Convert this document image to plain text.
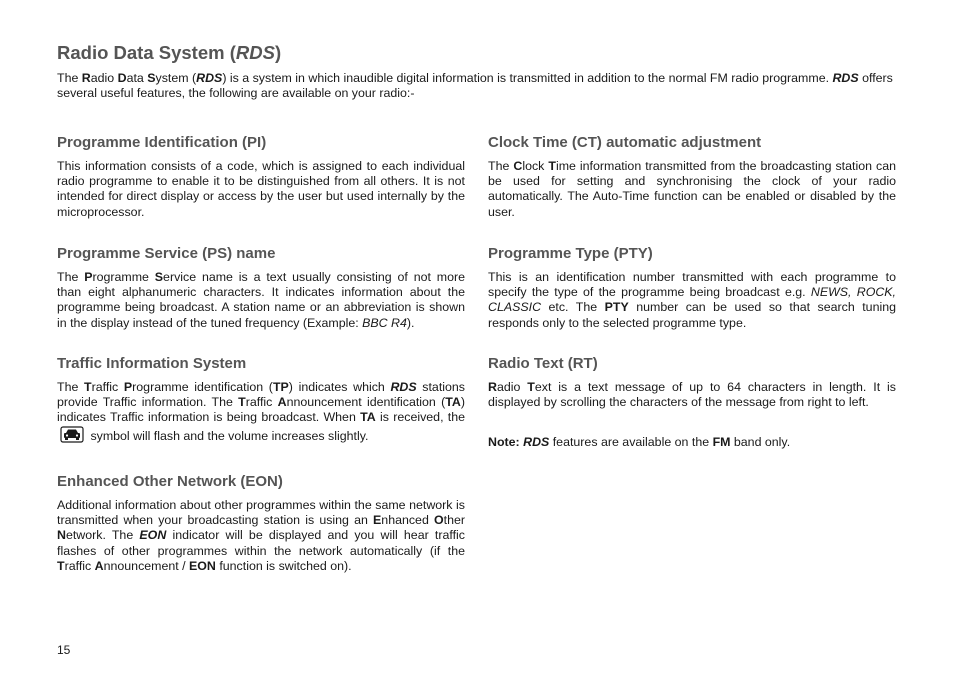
Radio Data System (RDS)

The Radio Data System (RDS) is a system in which inaudible digital information is transmitted in addition to the normal FM radio programme. RDS offers several useful features, the following are available on your radio:-

Programme Identification (PI)

This information consists of a code, which is assigned to each individual radio programme to enable it to be distinguished from all others. It is not intended for direct display or access by the user but used internally by the microprocessor.

Programme Service (PS) name

The Programme Service name is a text usually consisting of not more than eight alphanumeric characters. It indicates information about the programme being broadcast. A station name or an abbreviation is shown in the display instead of the tuned frequency (Example: BBC R4).

Traffic Information System

The Traffic Programme identification (TP) indicates which RDS stations provide Traffic information. The Traffic Announcement identification (TA) indicates Traffic information is being broadcast. When TA is received, the  symbol will flash and the volume increases slightly.

Enhanced Other Network (EON)

Additional information about other programmes within the same network is transmitted when your broadcasting station is using an Enhanced Other Network. The EON indicator will be displayed and you will hear traffic flashes of other programmes within the network automatically (if the Traffic Announcement / EON function is switched on).

Clock Time (CT) automatic adjustment

The Clock Time information transmitted from the broadcasting station can be used for setting and synchronising the clock of your radio automatically. The Auto-Time function can be enabled or disabled by the user.

Programme Type (PTY)

This is an identification number transmitted with each programme to specify the type of the programme being broadcast e.g. NEWS, ROCK, CLASSIC etc. The PTY number can be used so that search tuning responds only to the selected programme type.

Radio Text (RT)

Radio Text is a text message of up to 64 characters in length. It is displayed by scrolling the characters of the message from right to left.

Note: RDS features are available on the FM band only.

15
